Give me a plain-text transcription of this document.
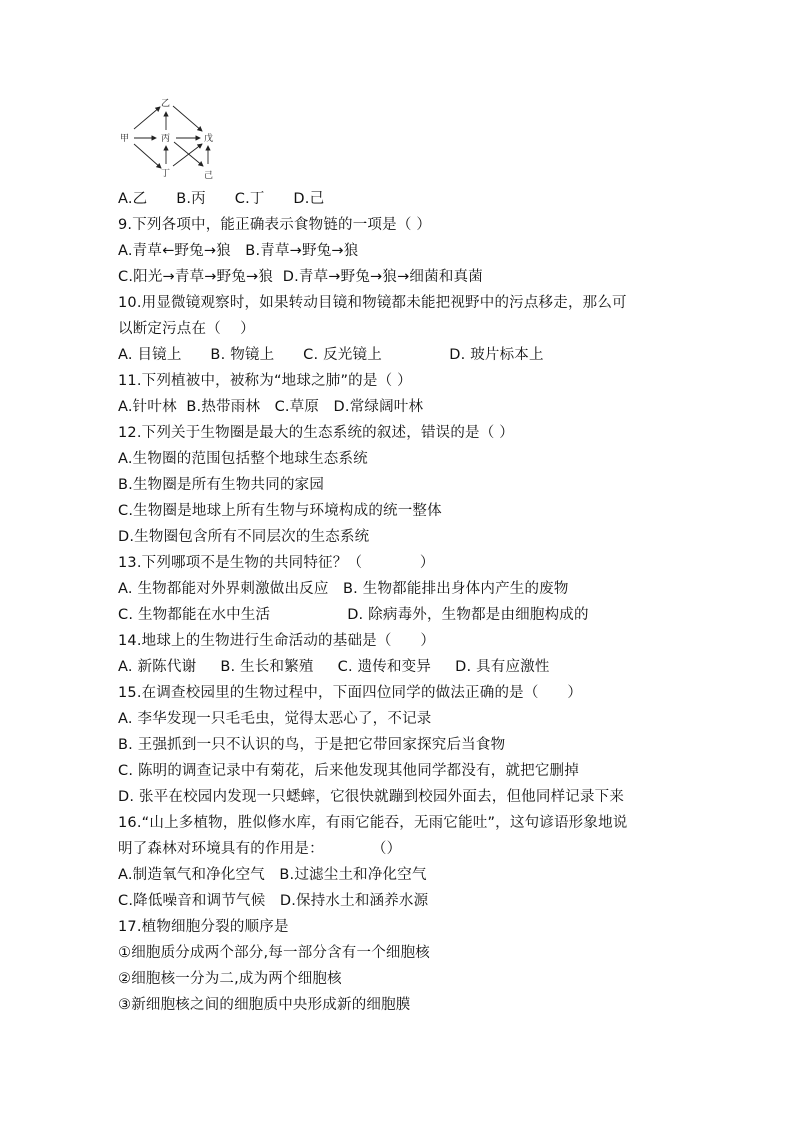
乙
甲	丙	戊
丁	己
A.乙      B.丙      C.丁      D.己
9.下列各项中，能正确表示食物链的一项是（ ）
A.青草←野兔→狼   B.青草→野兔→狼
C.阳光→青草→野兔→狼  D.青草→野兔→狼→细菌和真菌
10.用显微镜观察时，如果转动目镜和物镜都未能把视野中的污点移走，那么可
以断定污点在（    ）
A. 目镜上      B. 物镜上      C. 反光镜上              D. 玻片标本上
11.下列植被中，被称为“地球之肺”的是（ ）
A.针叶林  B.热带雨林   C.草原   D.常绿阔叶林
12.下列关于生物圈是最大的生态系统的叙述，错误的是（ ）
A.生物圈的范围包括整个地球生态系统
B.生物圈是所有生物共同的家园
C.生物圈是地球上所有生物与环境构成的统一整体
D.生物圈包含所有不同层次的生态系统
13.下列哪项不是生物的共同特征？（            ）
A. 生物都能对外界刺激做出反应   B. 生物都能排出身体内产生的废物
C. 生物都能在水中生活                D. 除病毒外，生物都是由细胞构成的
14.地球上的生物进行生命活动的基础是（      ）
A. 新陈代谢     B. 生长和繁殖     C. 遗传和变异     D. 具有应激性
15.在调查校园里的生物过程中，下面四位同学的做法正确的是（      ）
A. 李华发现一只毛毛虫，觉得太恶心了，不记录
B. 王强抓到一只不认识的鸟，于是把它带回家探究后当食物
C. 陈明的调查记录中有菊花，后来他发现其他同学都没有，就把它删掉
D. 张平在校园内发现一只蟋蟀，它很快就蹦到校园外面去，但他同样记录下来
16.“山上多植物，胜似修水库，有雨它能吞，无雨它能吐”，这句谚语形象地说
明了森林对环境具有的作用是：          （）
A.制造氧气和净化空气   B.过滤尘土和净化空气
C.降低噪音和调节气候   D.保持水土和涵养水源
17.植物细胞分裂的顺序是
①细胞质分成两个部分,每一部分含有一个细胞核
②细胞核一分为二,成为两个细胞核
③新细胞核之间的细胞质中央形成新的细胞膜
